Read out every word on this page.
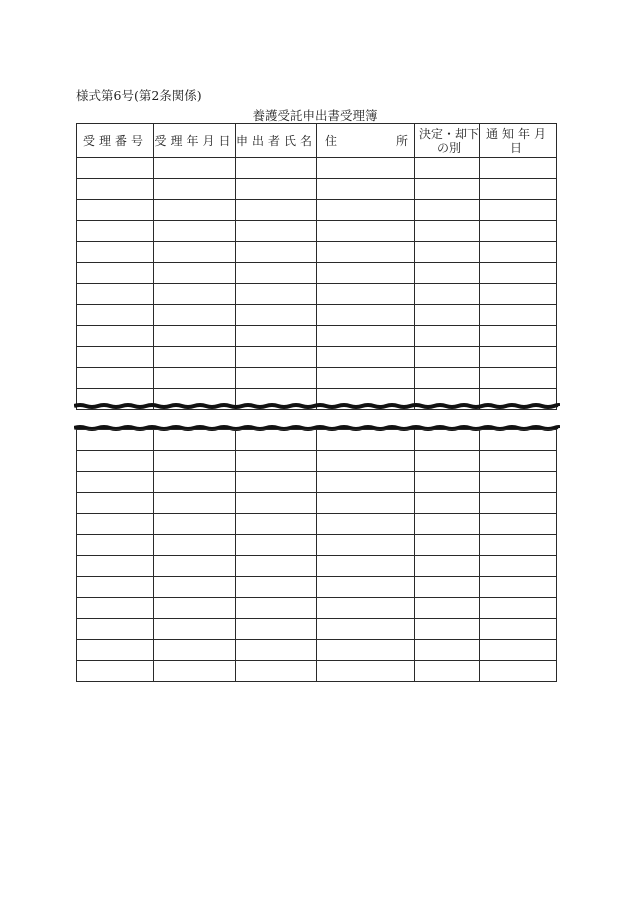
様式第6号(第2条関係)
養護受託申出書受理簿
受理番号	受理年月日	申出者氏名	住 所	決定・却下
の別	通知年月日
